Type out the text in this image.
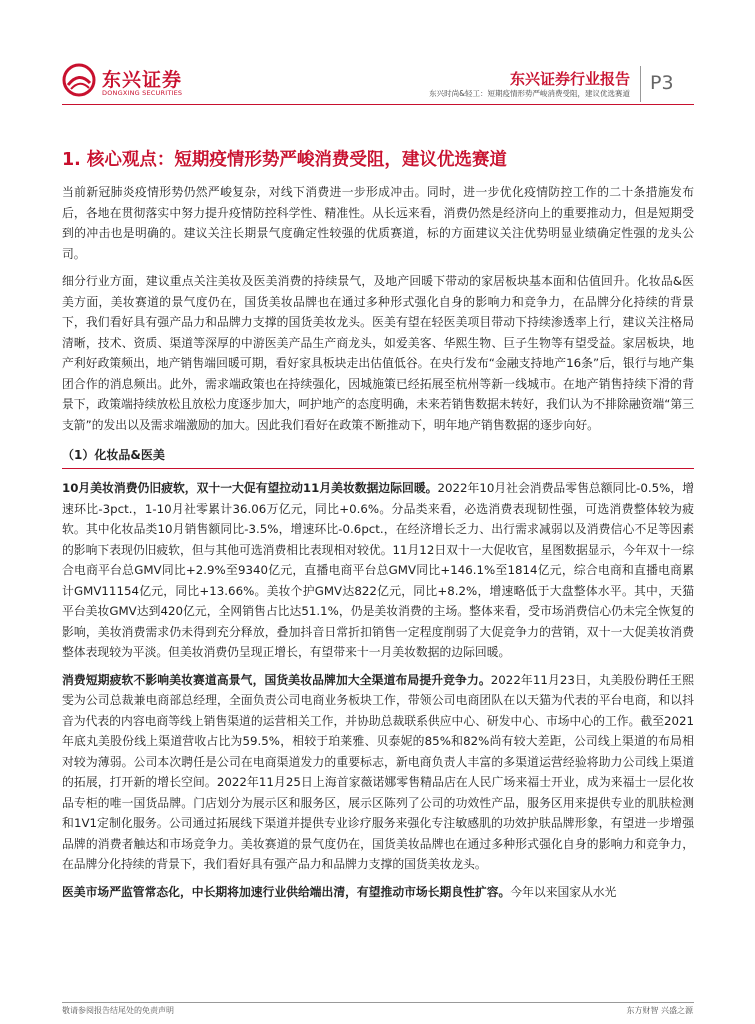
东兴证券
DONGXING SECURITIES
东兴证券行业报告
东兴时尚&轻工：短期疫情形势严峻消费受阻，建议优选赛道 P3
1. 核心观点：短期疫情形势严峻消费受阻，建议优选赛道

当前新冠肺炎疫情形势仍然严峻复杂，对线下消费进一步形成冲击。同时，进一步优化疫情防控工作的二十条措施发布后，各地在贯彻落实中努力提升疫情防控科学性、精准性。从长远来看，消费仍然是经济向上的重要推动力，但是短期受到的冲击也是明确的。建议关注长期景气度确定性较强的优质赛道，标的方面建议关注优势明显业绩确定性强的龙头公司。

细分行业方面，建议重点关注美妆及医美消费的持续景气，及地产回暖下带动的家居板块基本面和估值回升。化妆品&医美方面，美妆赛道的景气度仍在，国货美妆品牌也在通过多种形式强化自身的影响力和竞争力，在品牌分化持续的背景下，我们看好具有强产品力和品牌力支撑的国货美妆龙头。医美有望在轻医美项目带动下持续渗透率上行，建议关注格局清晰，技术、资质、渠道等深厚的中游医美产品生产商龙头，如爱美客、华熙生物、巨子生物等有望受益。家居板块，地产利好政策频出，地产销售端回暖可期，看好家具板块走出估值低谷。在央行发布“金融支持地产16条”后，银行与地产集团合作的消息频出。此外，需求端政策也在持续强化，因城施策已经拓展至杭州等新一线城市。在地产销售持续下滑的背景下，政策端持续放松且放松力度逐步加大，呵护地产的态度明确，未来若销售数据未转好，我们认为不排除融资端“第三支箭”的发出以及需求端激励的加大。因此我们看好在政策不断推动下，明年地产销售数据的逐步向好。

（1）化妆品&医美

10月美妆消费仍旧疲软，双十一大促有望拉动11月美妆数据边际回暖。2022年10月社会消费品零售总额同比-0.5%，增速环比-3pct.，1-10月社零累计36.06万亿元，同比+0.6%。分品类来看，必选消费表现韧性强，可选消费整体较为疲软。其中化妆品类10月销售额同比-3.5%，增速环比-0.6pct.，在经济增长乏力、出行需求减弱以及消费信心不足等因素的影响下表现仍旧疲软，但与其他可选消费相比表现相对较优。11月12日双十一大促收官，星图数据显示，今年双十一综合电商平台总GMV同比+2.9%至9340亿元，直播电商平台总GMV同比+146.1%至1814亿元，综合电商和直播电商累计GMV11154亿元，同比+13.66%。美妆个护GMV达822亿元，同比+8.2%，增速略低于大盘整体水平。其中，天猫平台美妆GMV达到420亿元，全网销售占比达51.1%，仍是美妆消费的主场。整体来看，受市场消费信心仍未完全恢复的影响，美妆消费需求仍未得到充分释放，叠加抖音日常折扣销售一定程度削弱了大促竞争力的营销，双十一大促美妆消费整体表现较为平淡。但美妆消费仍呈现正增长，有望带来十一月美妆数据的边际回暖。

消费短期疲软不影响美妆赛道高景气，国货美妆品牌加大全渠道布局提升竞争力。2022年11月23日，丸美股份聘任王熙雯为公司总裁兼电商部总经理，全面负责公司电商业务板块工作，带领公司电商团队在以天猫为代表的平台电商，和以抖音为代表的内容电商等线上销售渠道的运营相关工作，并协助总裁联系供应中心、研发中心、市场中心的工作。截至2021年底丸美股份线上渠道营收占比为59.5%，相较于珀莱雅、贝泰妮的85%和82%尚有较大差距，公司线上渠道的布局相对较为薄弱。公司本次聘任是公司在电商渠道发力的重要标志，新电商负责人丰富的多渠道运营经验将助力公司线上渠道的拓展，打开新的增长空间。2022年11月25日上海首家薇诺娜零售精品店在人民广场来福士开业，成为来福士一层化妆品专柜的唯一国货品牌。门店划分为展示区和服务区，展示区陈列了公司的功效性产品，服务区用来提供专业的肌肤检测和1V1定制化服务。公司通过拓展线下渠道并提供专业诊疗服务来强化专注敏感肌的功效护肤品牌形象，有望进一步增强品牌的消费者触达和市场竞争力。美妆赛道的景气度仍在，国货美妆品牌也在通过多种形式强化自身的影响力和竞争力，在品牌分化持续的背景下，我们看好具有强产品力和品牌力支撑的国货美妆龙头。

医美市场严监管常态化，中长期将加速行业供给端出清，有望推动市场长期良性扩容。今年以来国家从水光

敬请参阅报告结尾处的免责声明	东方财智 兴盛之源
